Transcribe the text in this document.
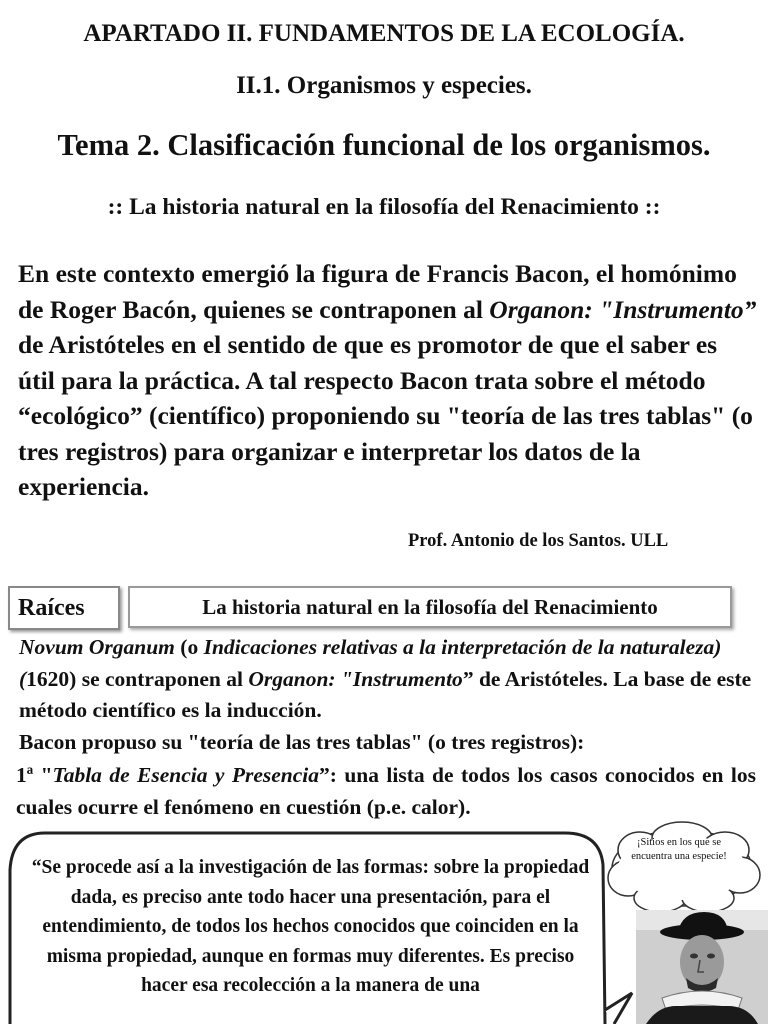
APARTADO II. FUNDAMENTOS DE LA ECOLOGÍA.
II.1. Organismos y especies.
Tema 2. Clasificación funcional de los organismos.
:: La historia natural en la filosofía del Renacimiento ::
En este contexto emergió la figura de Francis Bacon, el homónimo de Roger Bacón, quienes se contraponen al Organon: "Instrumento” de Aristóteles en el sentido de que es promotor de que el saber es útil para la práctica. A tal respecto Bacon trata sobre el método “ecológico” (científico) proponiendo su "teoría de las tres tablas" (o tres registros) para organizar e interpretar los datos de la experiencia.
Prof. Antonio de los Santos. ULL
Raíces	La historia natural en la filosofía del Renacimiento
Novum Organum (o Indicaciones relativas a la interpretación de la naturaleza) (1620) se contraponen al Organon: "Instrumento” de Aristóteles. La base de este método científico es la inducción.
Bacon propuso su "teoría de las tres tablas" (o tres registros):
1ª "Tabla de Esencia y Presencia”: una lista de todos los casos conocidos en los cuales ocurre el fenómeno en cuestión (p.e. calor).
“Se procede así a la investigación de las formas: sobre la propiedad dada, es preciso ante todo hacer una presentación, para el entendimiento, de todos los hechos conocidos que coinciden en la misma propiedad, aunque en formas muy diferentes. Es preciso hacer esa recolección a la manera de una
¡Sitios en los que se encuentra una especie!
